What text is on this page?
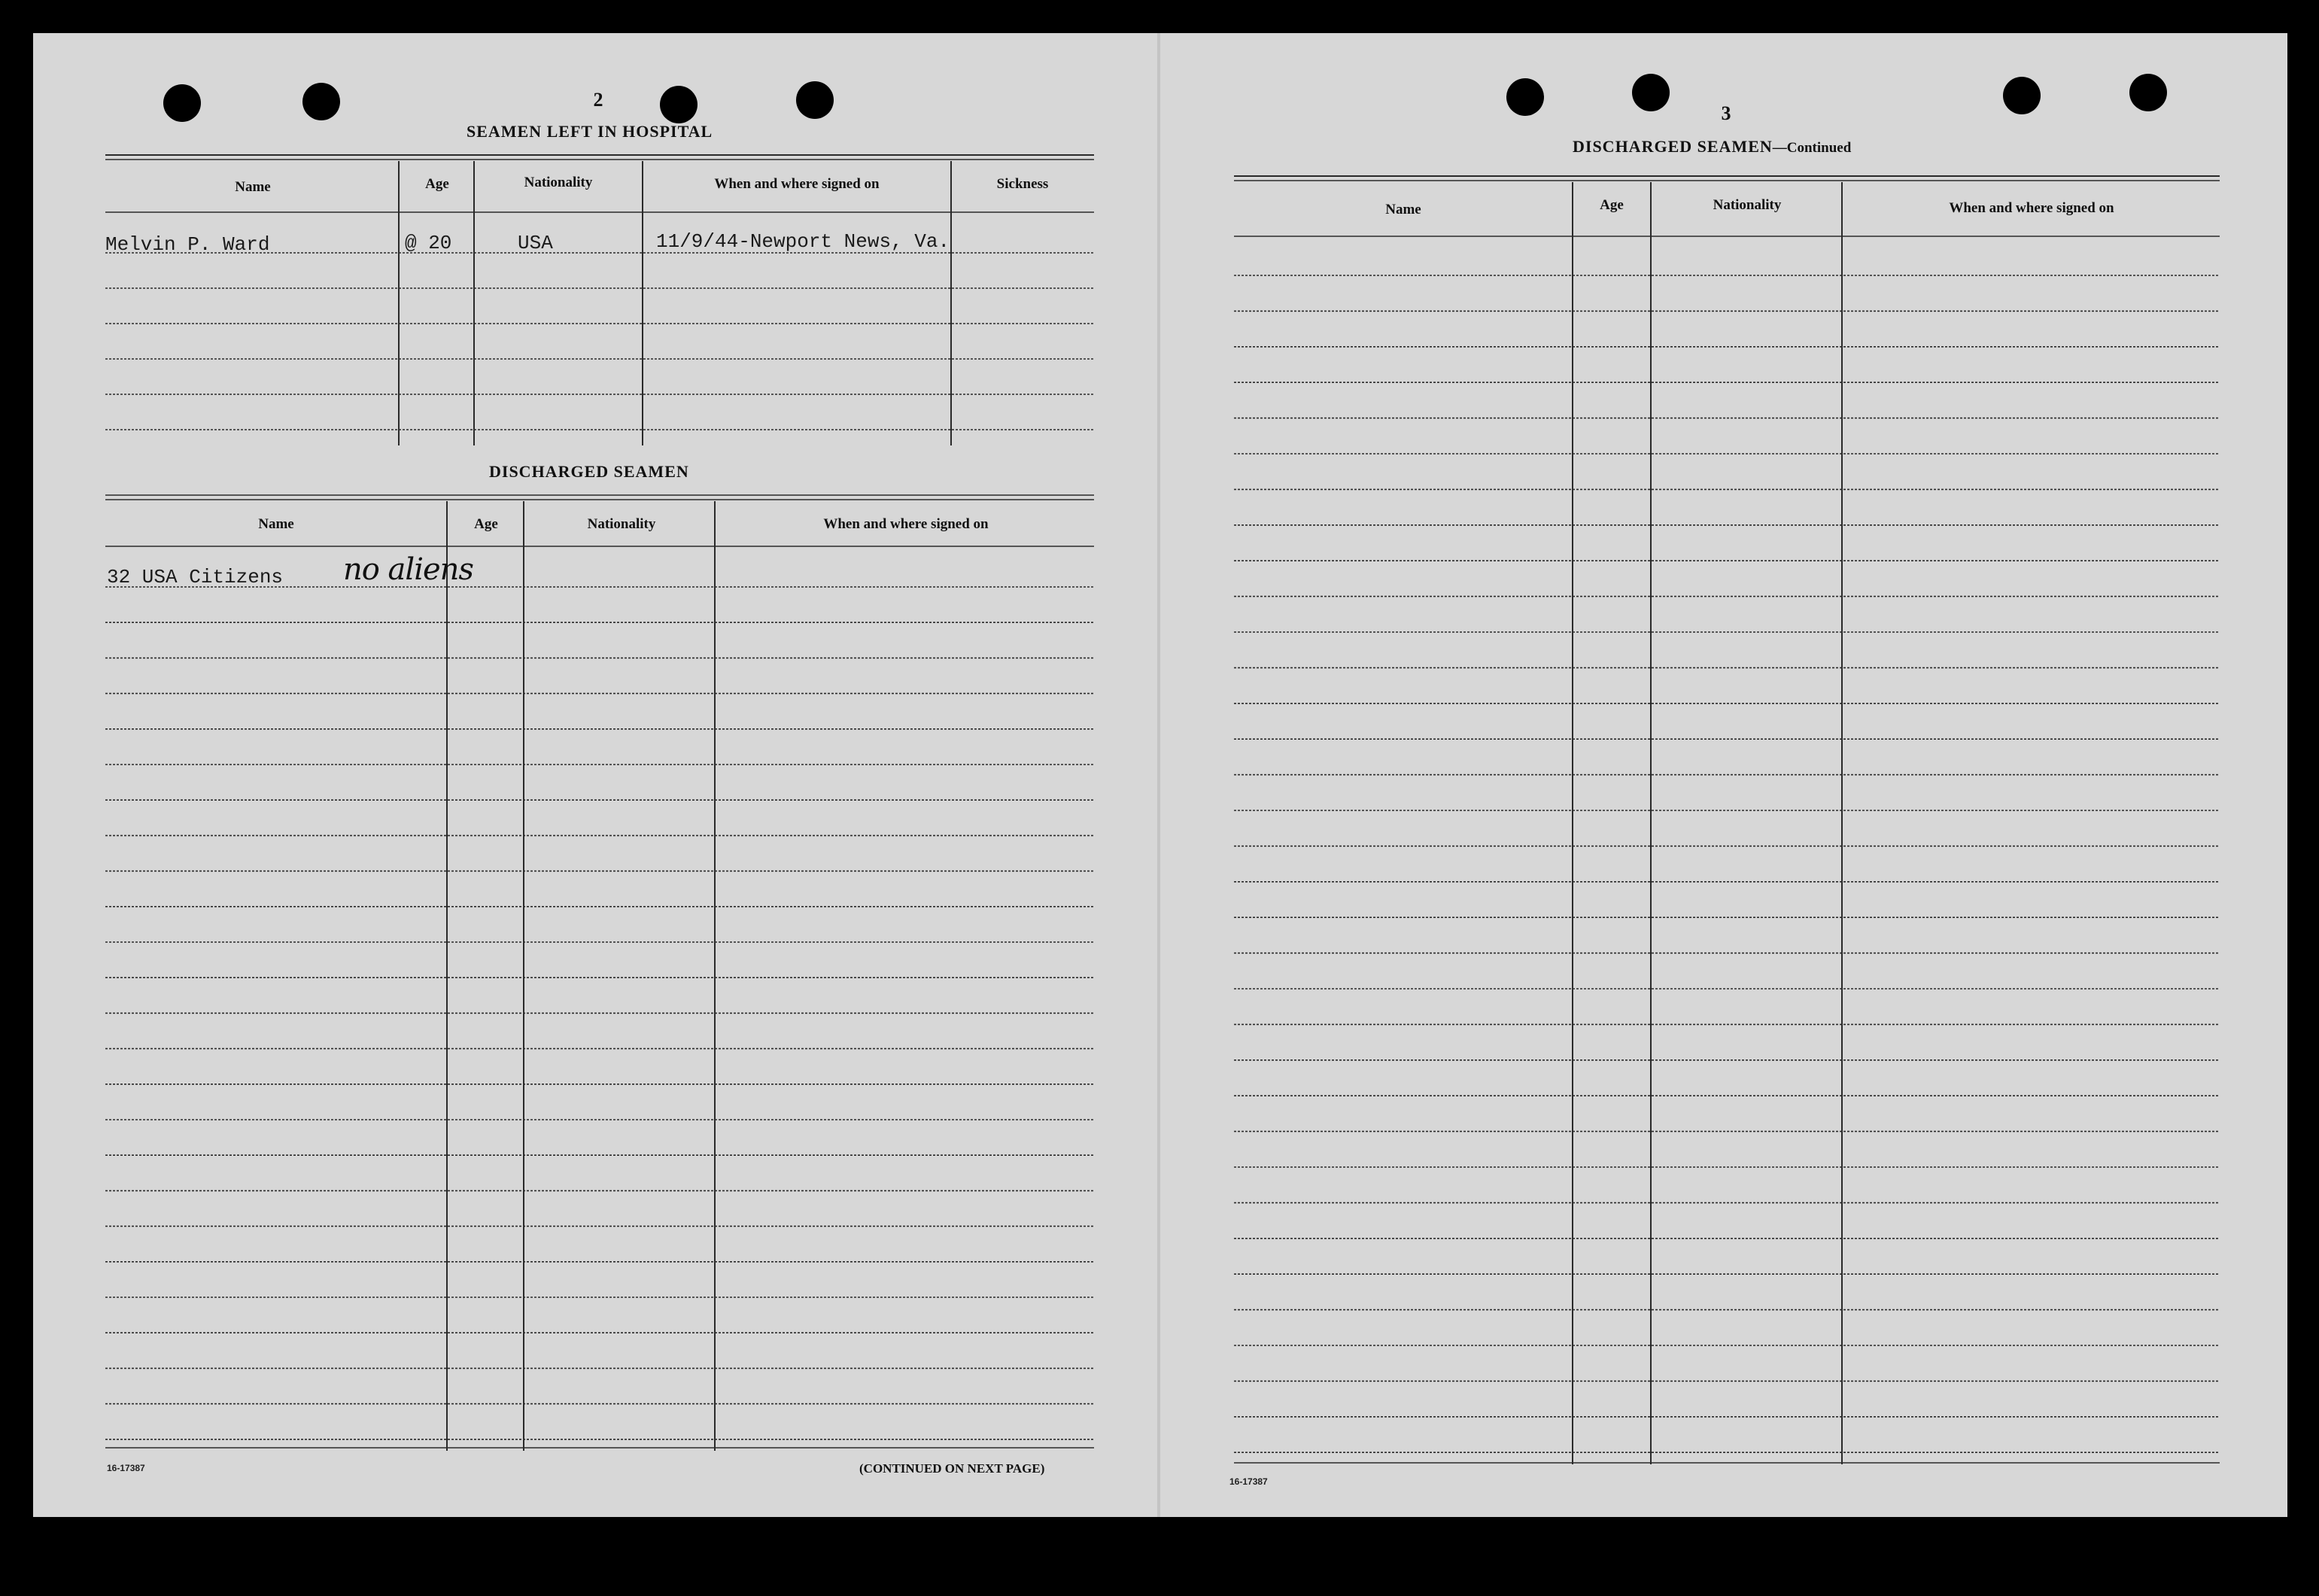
2
SEAMEN LEFT IN HOSPITAL
Name	Age	Nationality	When and where signed on	Sickness
Melvin P. Ward	@ 20	USA	11/9/44-Newport News, Va.
DISCHARGED SEAMEN
Name	Age	Nationality	When and where signed on
32 USA Citizens no aliens
16-17387	(CONTINUED ON NEXT PAGE)
3
DISCHARGED SEAMEN—Continued
Name	Age	Nationality	When and where signed on
16-17387
